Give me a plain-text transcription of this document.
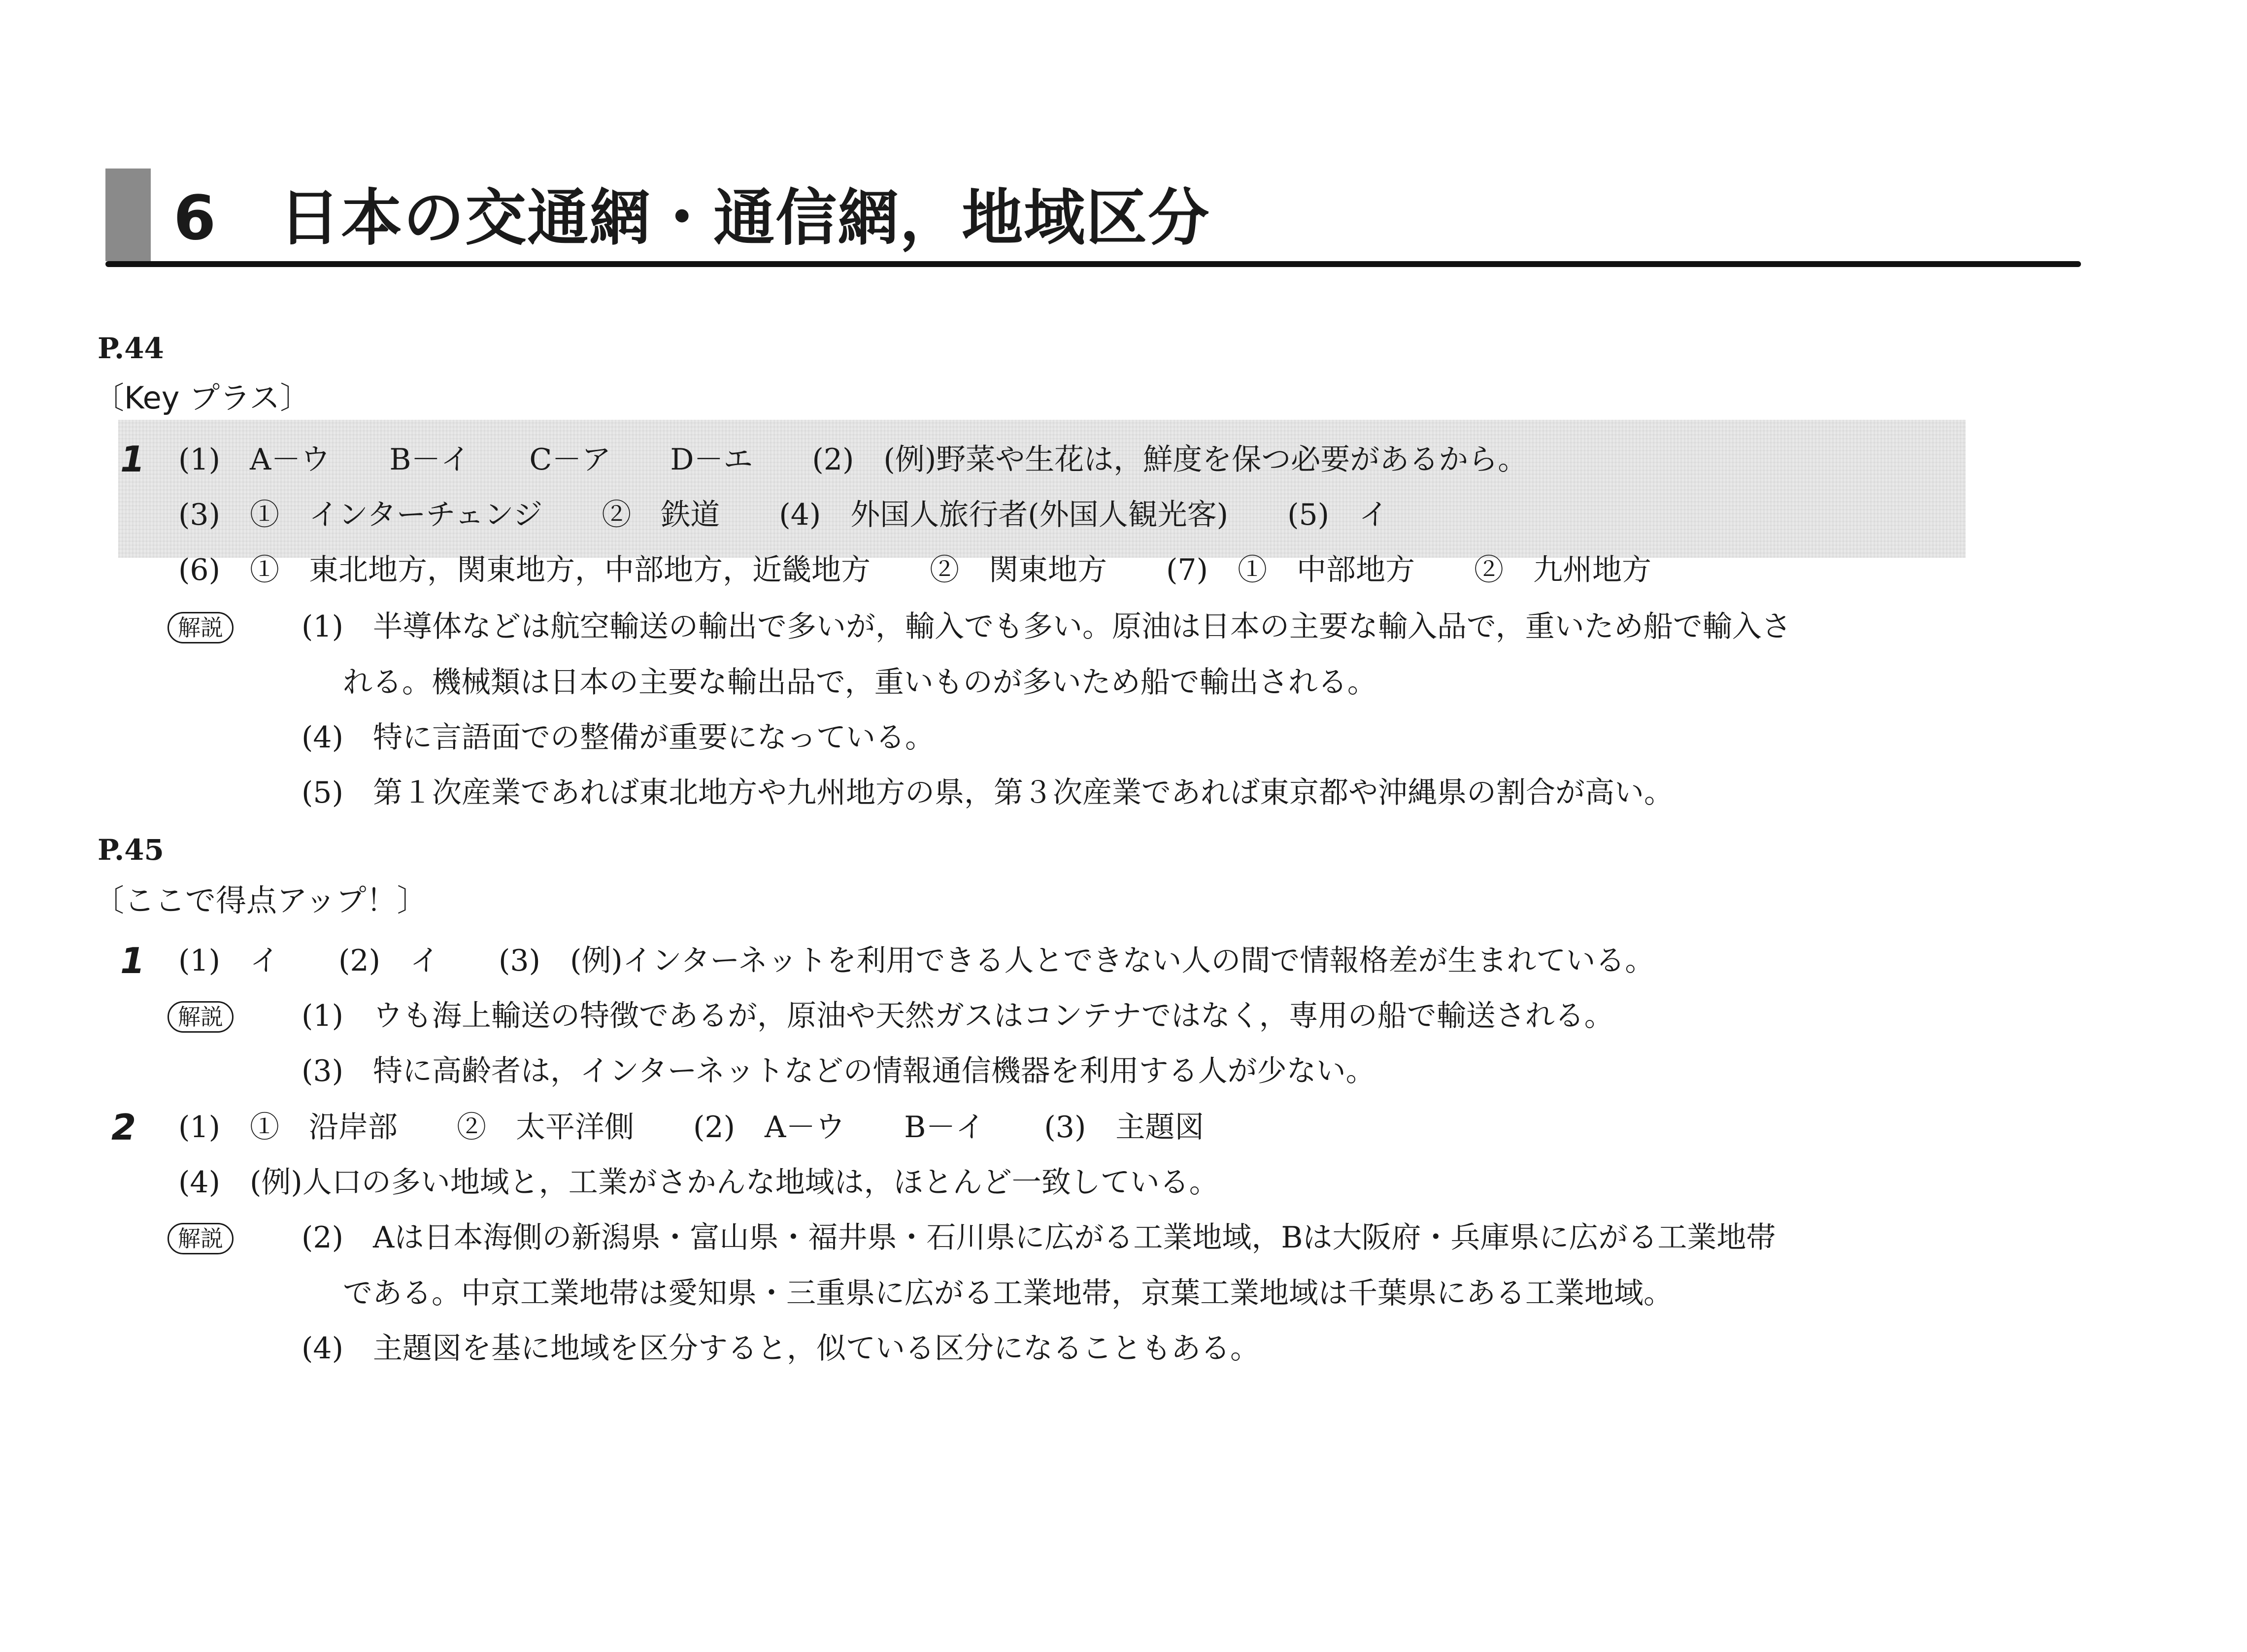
6　日本の交通網・通信網，地域区分
P.44
〔Key プラス〕
1 (1)　A－ウ　　B－イ　　C－ア　　D－エ　　(2)　(例)野菜や生花は，鮮度を保つ必要があるから。
(3)　①　インターチェンジ　　②　鉄道　　(4)　外国人旅行者(外国人観光客)　　(5)　イ
(6)　①　東北地方，関東地方，中部地方，近畿地方　　②　関東地方　　(7)　①　中部地方　　②　九州地方
解説	(1)　半導体などは航空輸送の輸出で多いが，輸入でも多い。原油は日本の主要な輸入品で，重いため船で輸入さ
れる。機械類は日本の主要な輸出品で，重いものが多いため船で輸出される。
(4)　特に言語面での整備が重要になっている。
(5)　第１次産業であれば東北地方や九州地方の県，第３次産業であれば東京都や沖縄県の割合が高い。
P.45
〔ここで得点アップ！〕
1 (1)　イ　　(2)　イ　　(3)　(例)インターネットを利用できる人とできない人の間で情報格差が生まれている。
解説	(1)　ウも海上輸送の特徴であるが，原油や天然ガスはコンテナではなく，専用の船で輸送される。
(3)　特に高齢者は，インターネットなどの情報通信機器を利用する人が少ない。
2 (1)　①　沿岸部　　②　太平洋側　　(2)　A－ウ　　B－イ　　(3)　主題図
(4)　(例)人口の多い地域と，工業がさかんな地域は，ほとんど一致している。
解説	(2)　Aは日本海側の新潟県・富山県・福井県・石川県に広がる工業地域，Bは大阪府・兵庫県に広がる工業地帯
である。中京工業地帯は愛知県・三重県に広がる工業地帯，京葉工業地域は千葉県にある工業地域。
(4)　主題図を基に地域を区分すると，似ている区分になることもある。
